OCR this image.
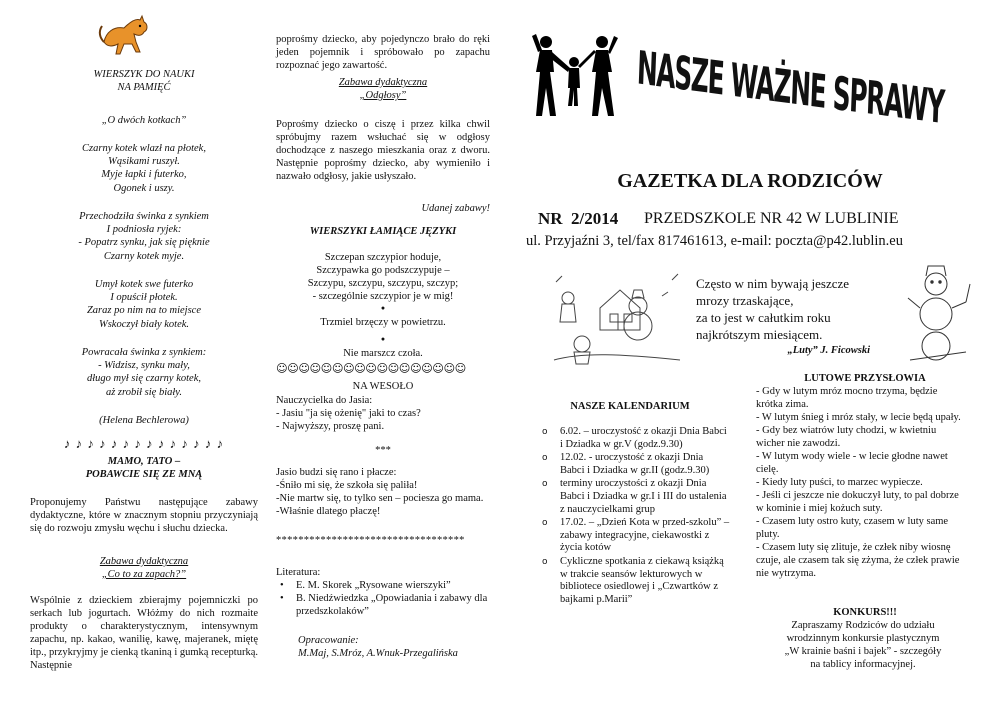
WIERSZYK DO NAUKI

NA PAMIĘĆ

„O dwóch kotkach”

Czarny kotek wlazł na płotek,

Wąsikami ruszył.

Myje łapki i futerko,

Ogonek i uszy.

Przechodziła świnka z synkiem

I podniosła ryjek:

- Popatrz synku, jak się pięknie

Czarny kotek myje.

Umył kotek swe futerko

I opuścił płotek.

Zaraz po nim na to miejsce

Wskoczył biały kotek.

Powracała świnka z synkiem:

- Widzisz, synku mały,

długo mył się czarny kotek,

aż zrobił się biały.

(Helena Bechlerowa)

♪ ♪ ♪ ♪ ♪ ♪ ♪ ♪ ♪ ♪ ♪ ♪ ♪ ♪

MAMO, TATO –

POBAWCIE SIĘ ZE MNĄ

Proponujemy Państwu następujące zabawy dydaktyczne, które w znacznym stopniu przyczyniają się do rozwoju zmysłu węchu i słuchu dziecka.

Zabawa dydaktyczna

„Co to za zapach?”

Wspólnie z dzieckiem zbierajmy pojemniczki po serkach lub jogurtach. Włóżmy do nich rozmaite produkty o charakterystycznym, intensywnym zapachu, np. kakao, wanilię, kawę, majeranek, miętę itp., przykryjmy je cienką tkaniną i gumką recepturką. Następnie

poprośmy dziecko, aby pojedynczo brało do ręki jeden pojemnik i spróbowało po zapachu rozpoznać jego zawartość.

Zabawa dydaktyczna

„Odgłosy”

Poprośmy dziecko o ciszę i przez kilka chwil spróbujmy razem wsłuchać się w odgłosy dochodzące z naszego mieszkania oraz z dworu. Następnie poprośmy dziecko, aby wymieniło i nazwało odgłosy, jakie usłyszało.

Udanej zabawy!

WIERSZYKI ŁAMIĄCE JĘZYKI

Szczepan szczypior hoduje,

Szczypawka go podszczypuje –

Szczypu, szczypu, szczypu, szczyp;

- szczególnie szczypior je w mig!

●

Trzmiel brzęczy w powietrzu.

●

Nie marszcz czoła.

☺☺☺☺☺☺☺☺☺☺☺☺☺☺☺☺☺

NA WESOŁO

Nauczycielka do Jasia:

- Jasiu "ja się ożenię" jaki to czas?

- Najwyższy, proszę pani.

***

Jasio budzi się rano i płacze:

-Śniło mi się, że szkoła się paliła!

-Nie martw się, to tylko sen – pociesza go mama.

-Właśnie dlatego płaczę!

**********************************

Literatura:

• E. M. Skorek „Rysowane wierszyki”
• B. Niedźwiedzka „Opowiadania i zabawy dla przedszkolaków”

Opracowanie:

M.Maj, S.Mróz, A.Wnuk-Przegalińska

NASZE WAŻNE SPRAWY

GAZETKA DLA RODZICÓW

NR  2/2014	PRZEDSZKOLE NR 42 W LUBLINIE

ul. Przyjaźni 3, tel/fax 817461613, e-mail: poczta@p42.lublin.eu

Często w nim bywają jeszcze

mrozy trzaskające,

za to jest w całutkim roku

najkrótszym miesiącem.

„Luty” J. Ficowski

NASZE KALENDARIUM

o 6.02. – uroczystość z okazji Dnia Babci i Dziadka w gr.V (godz.9.30)
o 12.02. - uroczystość z okazji Dnia Babci i Dziadka w gr.II (godz.9.30)
o terminy uroczystości z okazji Dnia Babci i Dziadka w gr.I i III do ustalenia z nauczycielkami grup
o 17.02. – „Dzień Kota w przed-szkolu” – zabawy integracyjne, ciekawostki z życia kotów
o Cykliczne spotkania z ciekawą książką w trakcie seansów lekturowych w bibliotece osiedlowej i „Czwartków z bajkami p.Marii”

LUTOWE PRZYSŁOWIA

- Gdy w lutym mróz mocno trzyma, będzie krótka zima.

- W lutym śnieg i mróz stały, w lecie będą upały.

- Gdy bez wiatrów luty chodzi, w kwietniu wicher nie zawodzi.

- W lutym wody wiele - w lecie głodne nawet cielę.

- Kiedy luty puści, to marzec wypiecze.

- Jeśli ci jeszcze nie dokuczył luty, to pal dobrze w kominie i miej kożuch suty.

- Czasem luty ostro kuty, czasem w luty same pluty.

- Czasem luty się zlituje, że człek niby wiosnę czuje, ale czasem tak się zżyma, że człek prawie nie wytrzyma.

KONKURS!!!

Zapraszamy Rodziców do udziału

wrodzinnym konkursie plastycznym

„W krainie baśni i bajek” - szczegóły

na tablicy informacyjnej.
